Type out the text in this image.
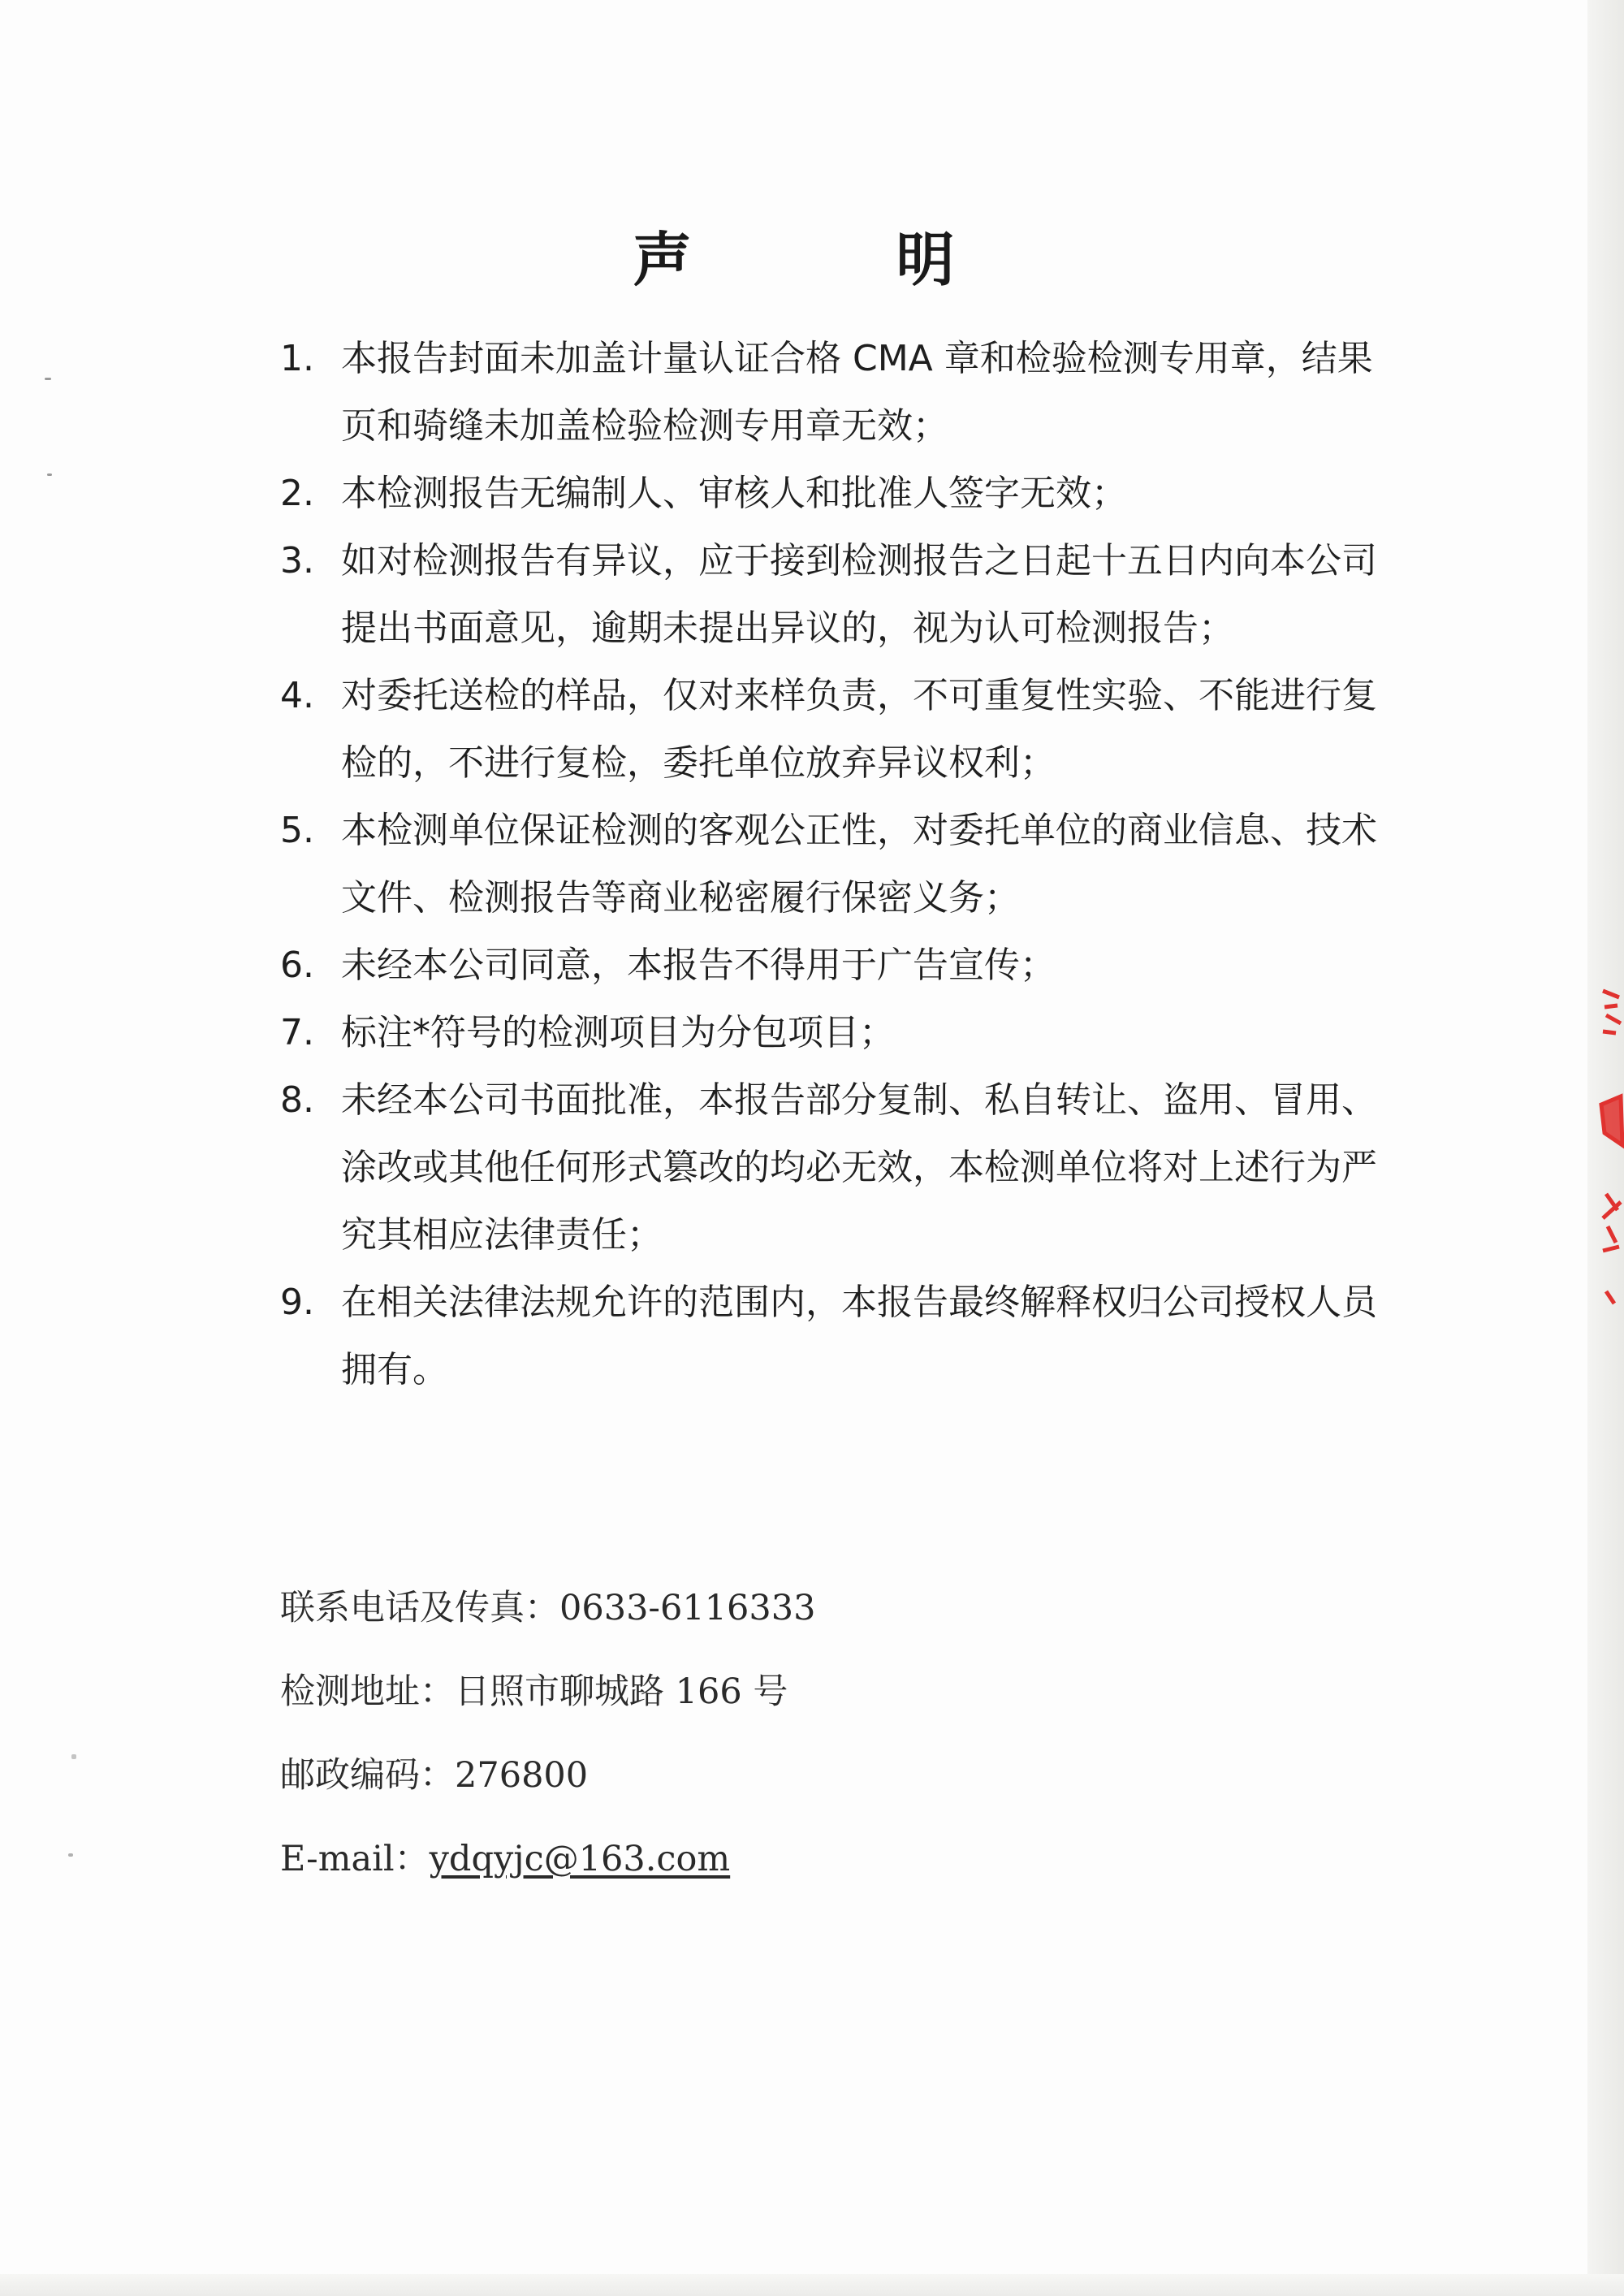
声　明
1. 本报告封面未加盖计量认证合格 CMA 章和检验检测专用章，结果页和骑缝未加盖检验检测专用章无效；
2. 本检测报告无编制人、审核人和批准人签字无效；
3. 如对检测报告有异议，应于接到检测报告之日起十五日内向本公司提出书面意见，逾期未提出异议的，视为认可检测报告；
4. 对委托送检的样品，仅对来样负责，不可重复性实验、不能进行复检的，不进行复检，委托单位放弃异议权利；
5. 本检测单位保证检测的客观公正性，对委托单位的商业信息、技术文件、检测报告等商业秘密履行保密义务；
6. 未经本公司同意，本报告不得用于广告宣传；
7. 标注*符号的检测项目为分包项目；
8. 未经本公司书面批准，本报告部分复制、私自转让、盗用、冒用、涂改或其他任何形式篡改的均必无效，本检测单位将对上述行为严究其相应法律责任；
9. 在相关法律法规允许的范围内，本报告最终解释权归公司授权人员拥有。
联系电话及传真：0633-6116333
检测地址：日照市聊城路 166 号
邮政编码：276800
E-mail：ydqyjc@163.com
